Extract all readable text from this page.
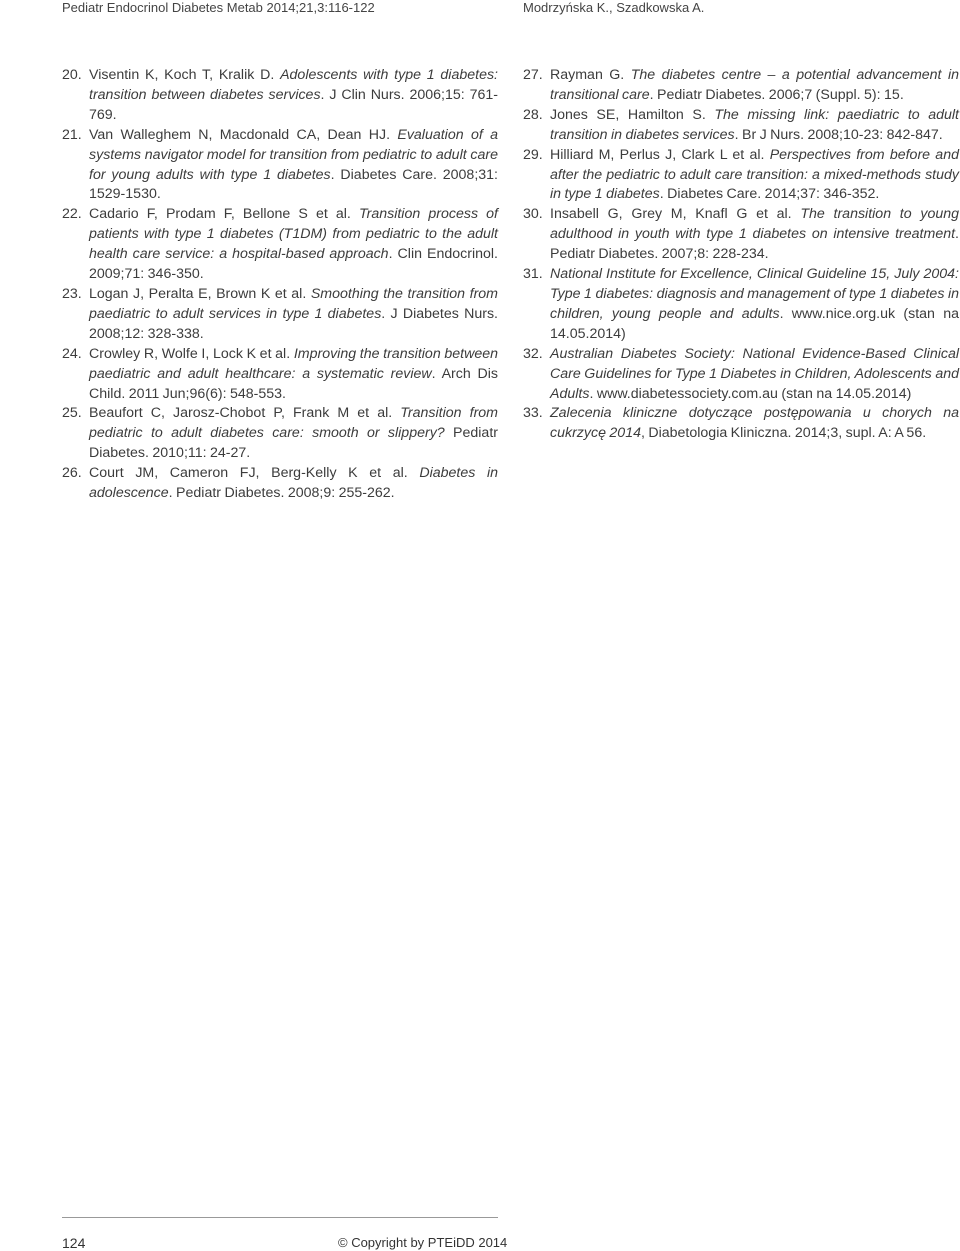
Pediatr Endocrinol Diabetes Metab 2014;21,3:116-122	Modrzyńska K., Szadkowska A.
20. Visentin K, Koch T, Kralik D. Adolescents with type 1 diabetes: transition between diabetes services. J Clin Nurs. 2006;15: 761-769.
21. Van Walleghem N, Macdonald CA, Dean HJ. Evaluation of a systems navigator model for transition from pediatric to adult care for young adults with type 1 diabetes. Diabetes Care. 2008;31: 1529-1530.
22. Cadario F, Prodam F, Bellone S et al. Transition process of patients with type 1 diabetes (T1DM) from pediatric to the adult health care service: a hospital-based approach. Clin Endocrinol. 2009;71: 346-350.
23. Logan J, Peralta E, Brown K et al. Smoothing the transition from paediatric to adult services in type 1 diabetes. J Diabetes Nurs. 2008;12: 328-338.
24. Crowley R, Wolfe I, Lock K et al. Improving the transition between paediatric and adult healthcare: a systematic review. Arch Dis Child. 2011 Jun;96(6): 548-553.
25. Beaufort C, Jarosz-Chobot P, Frank M et al. Transition from pediatric to adult diabetes care: smooth or slippery? Pediatr Diabetes. 2010;11: 24-27.
26. Court JM, Cameron FJ, Berg-Kelly K et al. Diabetes in adolescence. Pediatr Diabetes. 2008;9: 255-262.
27. Rayman G. The diabetes centre – a potential advancement in transitional care. Pediatr Diabetes. 2006;7 (Suppl. 5): 15.
28. Jones SE, Hamilton S. The missing link: paediatric to adult transition in diabetes services. Br J Nurs. 2008;10-23: 842-847.
29. Hilliard M, Perlus J, Clark L et al. Perspectives from before and after the pediatric to adult care transition: a mixed-methods study in type 1 diabetes. Diabetes Care. 2014;37: 346-352.
30. Insabell G, Grey M, Knafl G et al. The transition to young adulthood in youth with type 1 diabetes on intensive treatment. Pediatr Diabetes. 2007;8: 228-234.
31. National Institute for Excellence, Clinical Guideline 15, July 2004: Type 1 diabetes: diagnosis and management of type 1 diabetes in children, young people and adults. www.nice.org.uk (stan na 14.05.2014)
32. Australian Diabetes Society: National Evidence-Based Clinical Care Guidelines for Type 1 Diabetes in Children, Adolescents and Adults. www.diabetessociety.com.au (stan na 14.05.2014)
33. Zalecenia kliniczne dotyczące postępowania u chorych na cukrzycę 2014, Diabetologia Kliniczna. 2014;3, supl. A: A 56.
124	© Copyright by PTEiDD 2014
